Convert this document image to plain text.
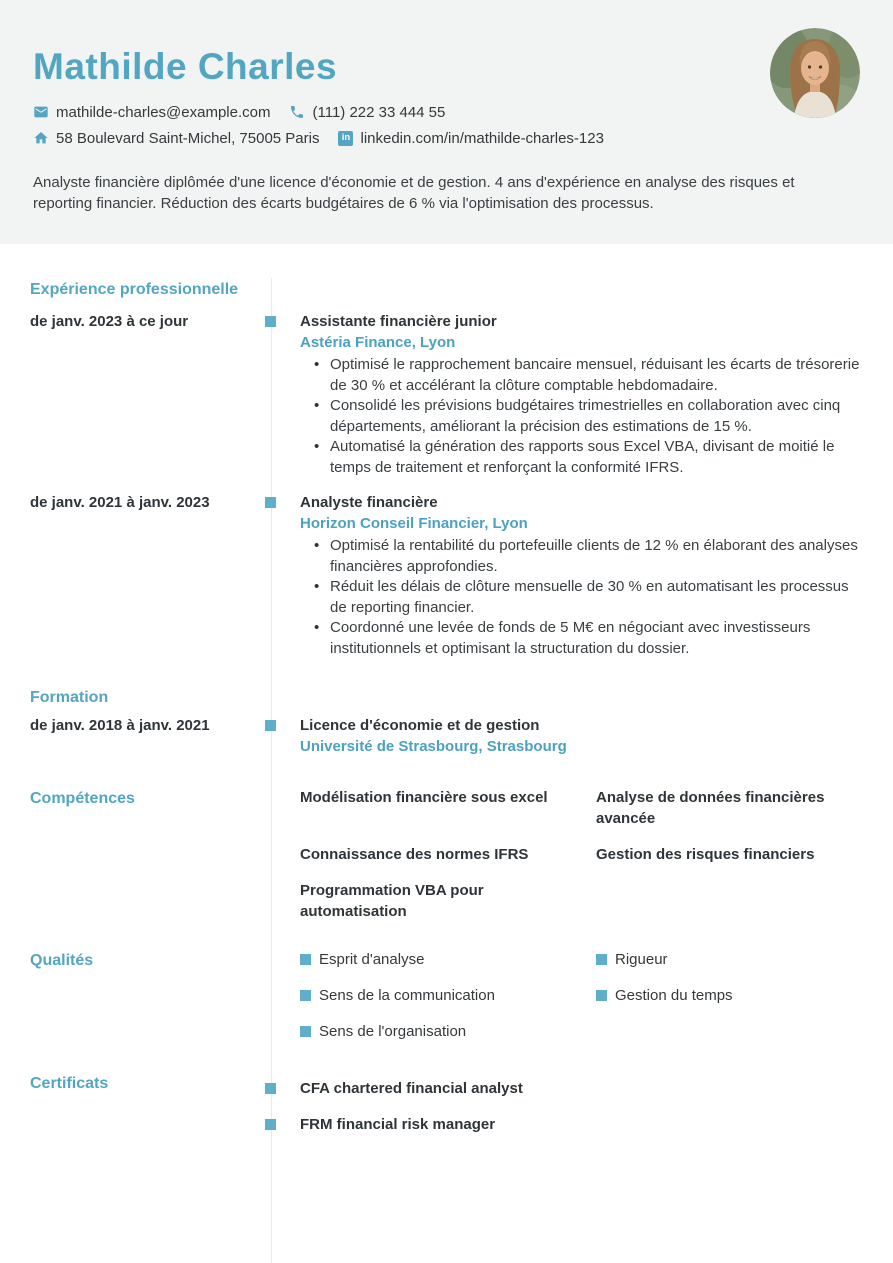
Mathilde Charles
mathilde-charles@example.com	(111) 222 33 444 55
58 Boulevard Saint-Michel, 75005 Paris	in linkedin.com/in/mathilde-charles-123

Analyste financière diplômée d'une licence d'économie et de gestion. 4 ans d'expérience en analyse des risques et reporting financier. Réduction des écarts budgétaires de 6 % via l'optimisation des processus.

Expérience professionnelle
de janv. 2023 à ce jour	Assistante financière junior
Astéria Finance, Lyon
• Optimisé le rapprochement bancaire mensuel, réduisant les écarts de trésorerie de 30 % et accélérant la clôture comptable hebdomadaire.
• Consolidé les prévisions budgétaires trimestrielles en collaboration avec cinq départements, améliorant la précision des estimations de 15 %.
• Automatisé la génération des rapports sous Excel VBA, divisant de moitié le temps de traitement et renforçant la conformité IFRS.
de janv. 2021 à janv. 2023	Analyste financière
Horizon Conseil Financier, Lyon
• Optimisé la rentabilité du portefeuille clients de 12 % en élaborant des analyses financières approfondies.
• Réduit les délais de clôture mensuelle de 30 % en automatisant les processus de reporting financier.
• Coordonné une levée de fonds de 5 M€ en négociant avec investisseurs institutionnels et optimisant la structuration du dossier.
Formation
de janv. 2018 à janv. 2021	Licence d'économie et de gestion
Université de Strasbourg, Strasbourg
Compétences	Modélisation financière sous excel	Analyse de données financières avancée
Connaissance des normes IFRS	Gestion des risques financiers
Programmation VBA pour automatisation
Qualités	Esprit d'analyse	Rigueur
Sens de la communication	Gestion du temps
Sens de l'organisation
Certificats	CFA chartered financial analyst
FRM financial risk manager
